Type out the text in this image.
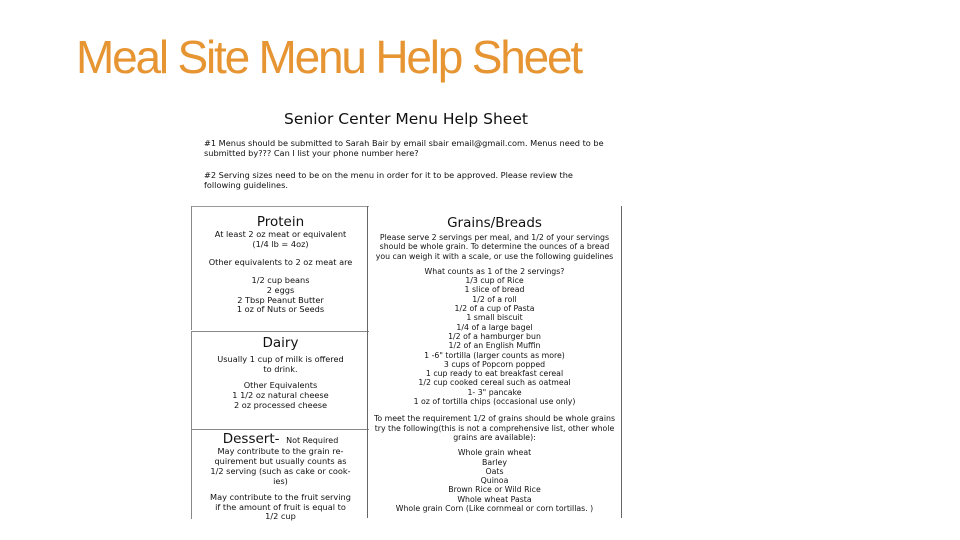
Meal Site Menu Help Sheet
Senior Center Menu Help Sheet
#1 Menus should be submitted to Sarah Bair by email sbair email@gmail.com. Menus need to be submitted by??? Can I list your phone number here?
#2 Serving sizes need to be on the menu in order for it to be approved. Please review the following guidelines.
Protein
At least 2 oz meat or equivalent
(1/4 lb = 4oz)
Other equivalents to 2 oz meat are
1/2 cup beans
2 eggs
2 Tbsp Peanut Butter
1 oz of Nuts or Seeds
Dairy
Usually 1 cup of milk is offered
to drink.
Other Equivalents
1 1/2 oz natural cheese
2 oz processed cheese
Dessert- Not Required
May contribute to the grain re-
quirement but usually counts as
1/2 serving (such as cake or cook-
ies)
May contribute to the fruit serving
if the amount of fruit is equal to
1/2 cup
Grains/Breads
Please serve 2 servings per meal, and 1/2 of your servings
should be whole grain. To determine the ounces of a bread
you can weigh it with a scale, or use the following guidelines
What counts as 1 of the 2 servings?
1/3 cup of Rice
1 slice of bread
1/2 of a roll
1/2 of a cup of Pasta
1 small biscuit
1/4 of a large bagel
1/2 of a hamburger bun
1/2 of an English Muffin
1 -6" tortilla (larger counts as more)
3 cups of Popcorn popped
1 cup ready to eat breakfast cereal
1/2 cup cooked cereal such as oatmeal
1- 3" pancake
1 oz of tortilla chips (occasional use only)
To meet the requirement 1/2 of grains should be whole grains
try the following(this is not a comprehensive list, other whole
grains are available):
Whole grain wheat
Barley
Oats
Quinoa
Brown Rice or Wild Rice
Whole wheat Pasta
Whole grain Corn (Like cornmeal or corn tortillas. )
